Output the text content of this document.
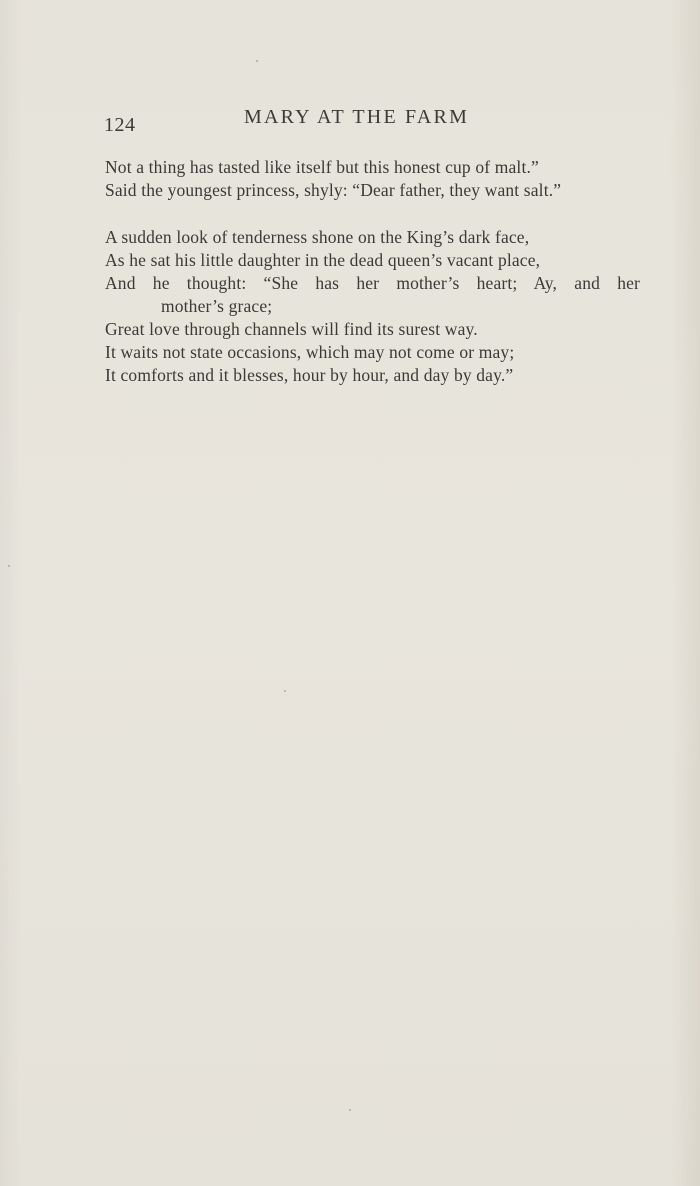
124	MARY AT THE FARM

Not a thing has tasted like itself but this honest cup of malt.”
Said the youngest princess, shyly: “Dear father, they want salt.”

A sudden look of tenderness shone on the King’s dark face,
As he sat his little daughter in the dead queen’s vacant place,
And he thought: “She has her mother’s heart; Ay, and her
mother’s grace;
Great love through channels will find its surest way.
It waits not state occasions, which may not come or may;
It comforts and it blesses, hour by hour, and day by day.”
